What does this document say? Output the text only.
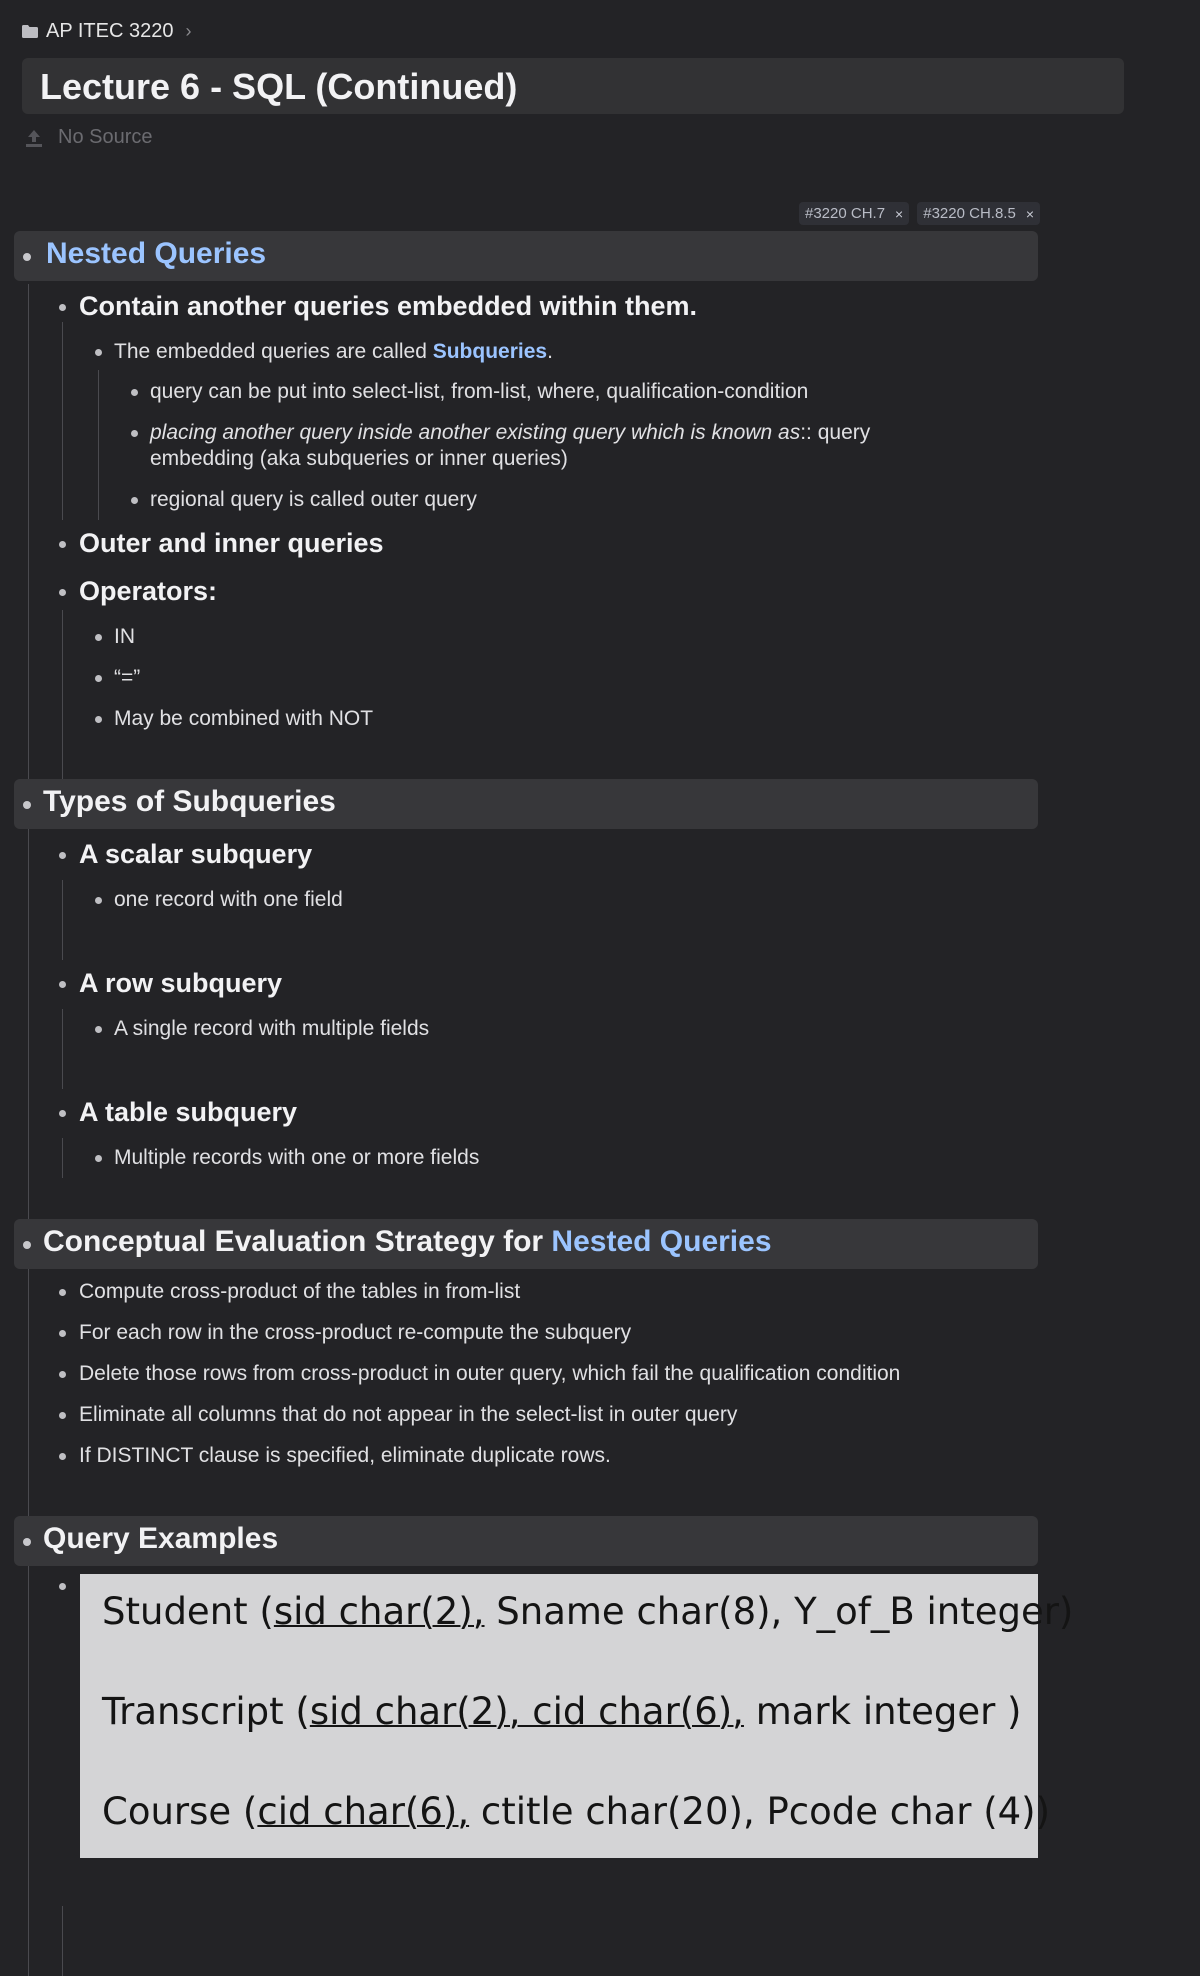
AP ITEC 3220 ›
Lecture 6 - SQL (Continued)
No Source
#3220 CH.7 × #3220 CH.8.5 ×
Nested Queries
Contain another queries embedded within them.
The embedded queries are called Subqueries.
query can be put into select-list, from-list, where, qualification-condition
placing another query inside another existing query which is known as:: query
embedding (aka subqueries or inner queries)
regional query is called outer query
Outer and inner queries
Operators:
IN
“=”
May be combined with NOT
Types of Subqueries
A scalar subquery
one record with one field
A row subquery
A single record with multiple fields
A table subquery
Multiple records with one or more fields
Conceptual Evaluation Strategy for Nested Queries
Compute cross-product of the tables in from-list
For each row in the cross-product re-compute the subquery
Delete those rows from cross-product in outer query, which fail the qualification condition
Eliminate all columns that do not appear in the select-list in outer query
If DISTINCT clause is specified, eliminate duplicate rows.
Query Examples
Student (sid char(2), Sname char(8), Y_of_B integer)
Transcript (sid char(2), cid char(6), mark integer )
Course (cid char(6), ctitle char(20), Pcode char (4))
